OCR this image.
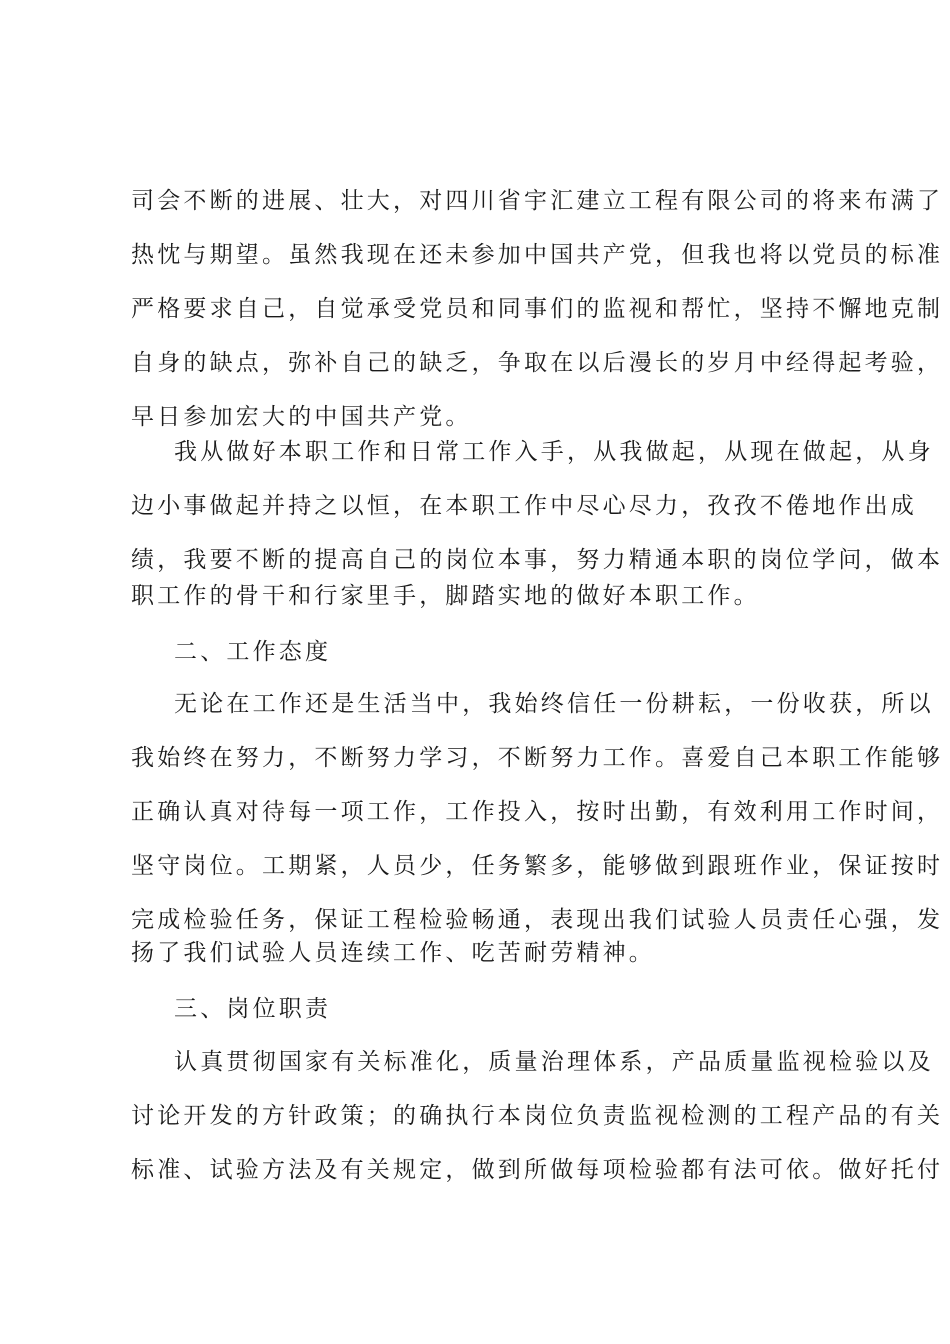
司会不断的进展、壮大，对四川省宇汇建立工程有限公司的将来布满了
热忱与期望。虽然我现在还未参加中国共产党，但我也将以党员的标准
严格要求自己，自觉承受党员和同事们的监视和帮忙，坚持不懈地克制
自身的缺点，弥补自己的缺乏，争取在以后漫长的岁月中经得起考验，
早日参加宏大的中国共产党。
我从做好本职工作和日常工作入手，从我做起，从现在做起，从身
边小事做起并持之以恒，在本职工作中尽心尽力，孜孜不倦地作出成
绩，我要不断的提高自己的岗位本事，努力精通本职的岗位学问，做本
职工作的骨干和行家里手，脚踏实地的做好本职工作。
二、工作态度
无论在工作还是生活当中，我始终信任一份耕耘，一份收获，所以
我始终在努力，不断努力学习，不断努力工作。喜爱自己本职工作能够
正确认真对待每一项工作，工作投入，按时出勤，有效利用工作时间，
坚守岗位。工期紧，人员少，任务繁多，能够做到跟班作业，保证按时
完成检验任务，保证工程检验畅通，表现出我们试验人员责任心强，发
扬了我们试验人员连续工作、吃苦耐劳精神。
三、岗位职责
认真贯彻国家有关标准化，质量治理体系，产品质量监视检验以及
讨论开发的方针政策；的确执行本岗位负责监视检测的工程产品的有关
标准、试验方法及有关规定，做到所做每项检验都有法可依。做好托付
